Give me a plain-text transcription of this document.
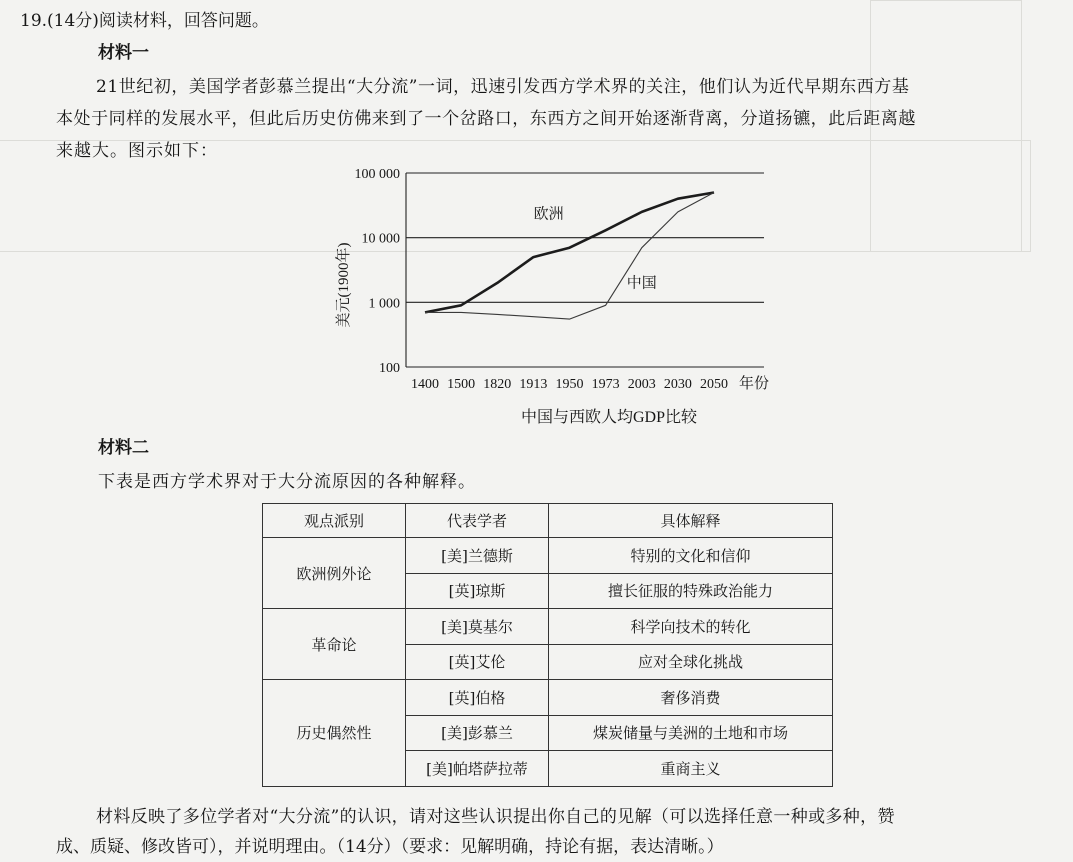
19.(14分)阅读材料，回答问题。
材料一
21世纪初，美国学者彭慕兰提出“大分流”一词，迅速引发西方学术界的关注，他们认为近代早期东西方基
本处于同样的发展水平，但此后历史仿佛来到了一个岔路口，东西方之间开始逐渐背离，分道扬镳，此后距离越
来越大。图示如下：
100
1 000
10 000
100 000
美元(1900年)
1400 1500 1820 1913 1950 1973 2003 2030 2050 年份
欧洲
中国
中国与西欧人均GDP比较
材料二
下表是西方学术界对于大分流原因的各种解释。
观点派别	代表学者	具体解释
欧洲例外论	[美]兰德斯	特别的文化和信仰
	[英]琼斯	擅长征服的特殊政治能力
革命论	[美]莫基尔	科学向技术的转化
	[英]艾伦	应对全球化挑战
历史偶然性	[英]伯格	奢侈消费
	[美]彭慕兰	煤炭储量与美洲的土地和市场
	[美]帕塔萨拉蒂	重商主义
材料反映了多位学者对“大分流”的认识，请对这些认识提出你自己的见解（可以选择任意一种或多种，赞
成、质疑、修改皆可），并说明理由。（14分）（要求：见解明确，持论有据，表达清晰。）
